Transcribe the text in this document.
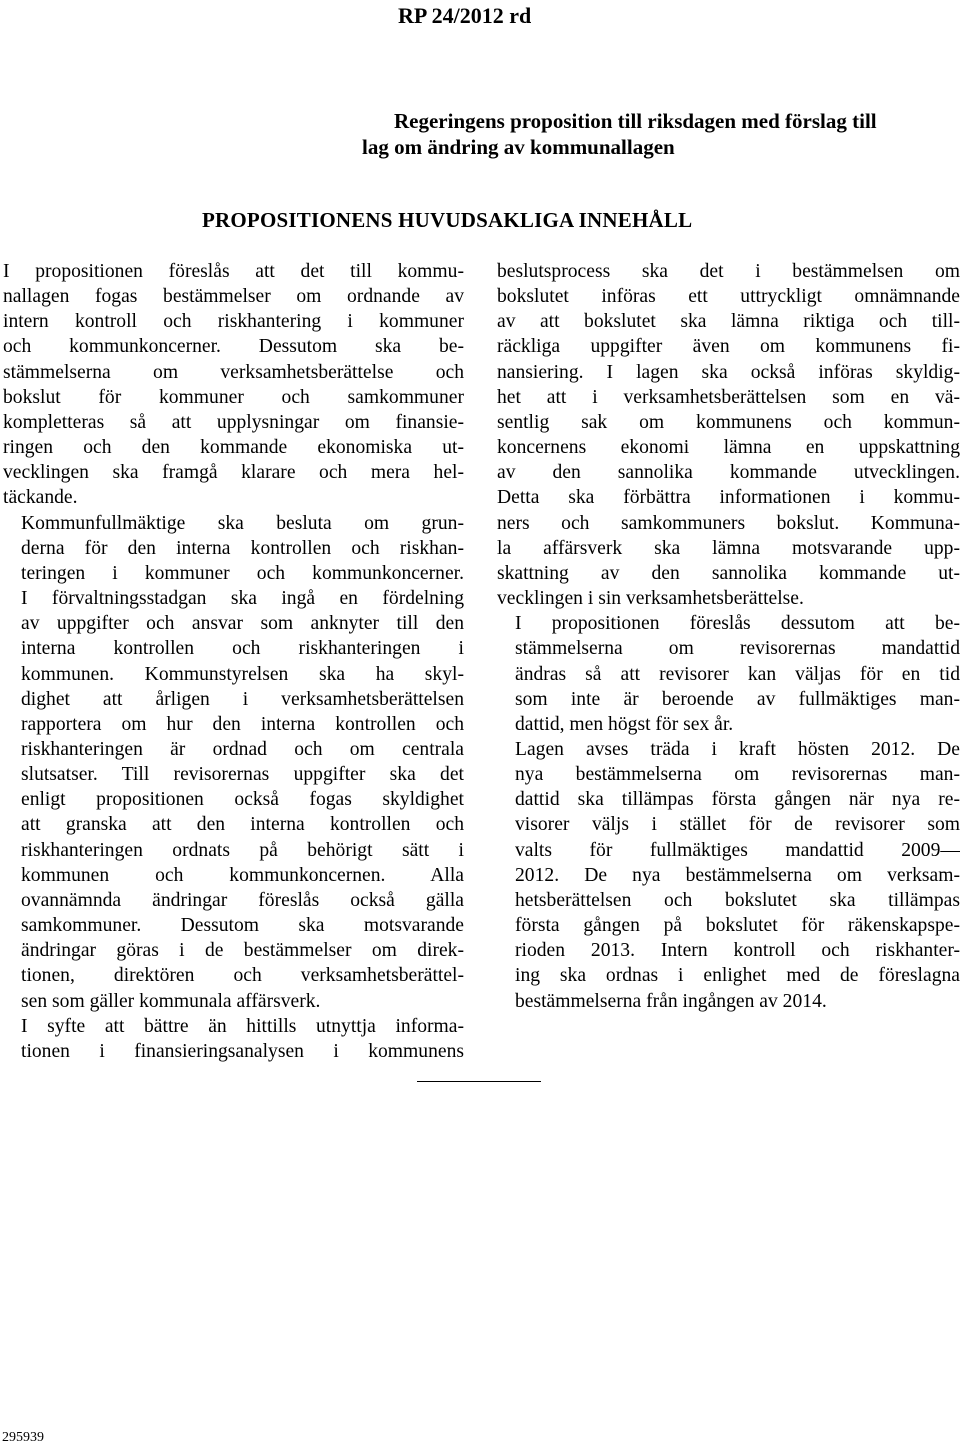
RP 24/2012 rd
Regeringens proposition till riksdagen med förslag till
lag om ändring av kommunallagen
PROPOSITIONENS HUVUDSAKLIGA INNEHÅLL

I propositionen föreslås att det till kommu-
nallagen fogas bestämmelser om ordnande av
intern kontroll och riskhantering i kommuner
och kommunkoncerner. Dessutom ska be-
stämmelserna om verksamhetsberättelse och
bokslut för kommuner och samkommuner
kompletteras så att upplysningar om finansie-
ringen och den kommande ekonomiska ut-
vecklingen ska framgå klarare och mera hel-
täckande.

Kommunfullmäktige ska besluta om grun-
derna för den interna kontrollen och riskhan-
teringen i kommuner och kommunkoncerner.
I förvaltningsstadgan ska ingå en fördelning
av uppgifter och ansvar som anknyter till den
interna kontrollen och riskhanteringen i
kommunen. Kommunstyrelsen ska ha skyl-
dighet att årligen i verksamhetsberättelsen
rapportera om hur den interna kontrollen och
riskhanteringen är ordnad och om centrala
slutsatser. Till revisorernas uppgifter ska det
enligt propositionen också fogas skyldighet
att granska att den interna kontrollen och
riskhanteringen ordnats på behörigt sätt i
kommunen och kommunkoncernen. Alla
ovannämnda ändringar föreslås också gälla
samkommuner. Dessutom ska motsvarande
ändringar göras i de bestämmelser om direk-
tionen, direktören och verksamhetsberättel-
sen som gäller kommunala affärsverk.

I syfte att bättre än hittills utnyttja informa-
tionen i finansieringsanalysen i kommunens

beslutsprocess ska det i bestämmelsen om
bokslutet införas ett uttryckligt omnämnande
av att bokslutet ska lämna riktiga och till-
räckliga uppgifter även om kommunens fi-
nansiering. I lagen ska också införas skyldig-
het att i verksamhetsberättelsen som en vä-
sentlig sak om kommunens och kommun-
koncernens ekonomi lämna en uppskattning
av den sannolika kommande utvecklingen.
Detta ska förbättra informationen i kommu-
ners och samkommuners bokslut. Kommuna-
la affärsverk ska lämna motsvarande upp-
skattning av den sannolika kommande ut-
vecklingen i sin verksamhetsberättelse.

I propositionen föreslås dessutom att be-
stämmelserna om revisorernas mandattid
ändras så att revisorer kan väljas för en tid
som inte är beroende av fullmäktiges man-
dattid, men högst för sex år.

Lagen avses träda i kraft hösten 2012. De
nya bestämmelserna om revisorernas man-
dattid ska tillämpas första gången när nya re-
visorer väljs i stället för de revisorer som
valts för fullmäktiges mandattid 2009—
2012. De nya bestämmelserna om verksam-
hetsberättelsen och bokslutet ska tillämpas
första gången på bokslutet för räkenskapspe-
rioden 2013. Intern kontroll och riskhanter-
ing ska ordnas i enlighet med de föreslagna
bestämmelserna från ingången av 2014.

295939
